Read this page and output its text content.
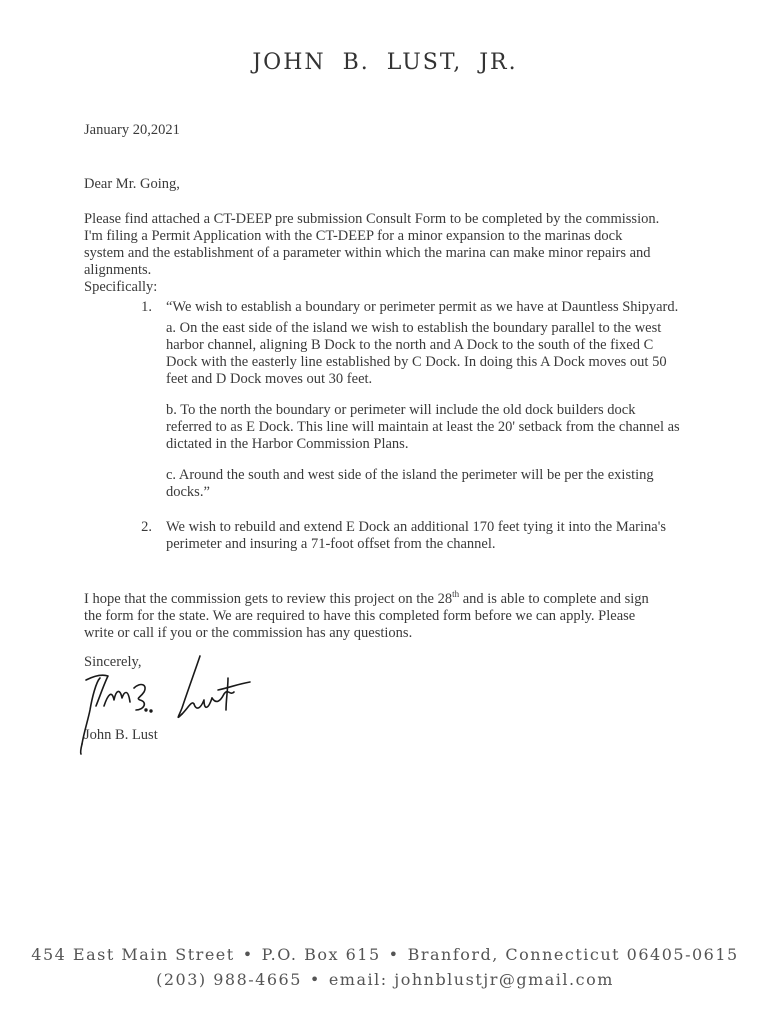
JOHN B. LUST, JR.
January 20,2021
Dear Mr. Going,
Please find attached a CT-DEEP pre submission Consult Form to be completed by the commission. I'm filing a Permit Application with the CT-DEEP for a minor expansion to the marinas dock system and the establishment of a parameter within which the marina can make minor repairs and alignments.
Specifically:
1. “We wish to establish a boundary or perimeter permit as we have at Dauntless Shipyard.
a. On the east side of the island we wish to establish the boundary parallel to the west harbor channel, aligning B Dock to the north and A Dock to the south of the fixed C Dock with the easterly line established by C Dock. In doing this A Dock moves out 50 feet and D Dock moves out 30 feet.
b. To the north the boundary or perimeter will include the old dock builders dock referred to as E Dock. This line will maintain at least the 20' setback from the channel as dictated in the Harbor Commission Plans.
c. Around the south and west side of the island the perimeter will be per the existing docks.”
2. We wish to rebuild and extend E Dock an additional 170 feet tying it into the Marina's perimeter and insuring a 71-foot offset from the channel.
I hope that the commission gets to review this project on the 28th and is able to complete and sign the form for the state. We are required to have this completed form before we can apply. Please write or call if you or the commission has any questions.
Sincerely,
John B. Lust
454 East Main Street • P.O. Box 615 • Branford, Connecticut 06405-0615
(203) 988-4665 • email: johnblustjr@gmail.com
